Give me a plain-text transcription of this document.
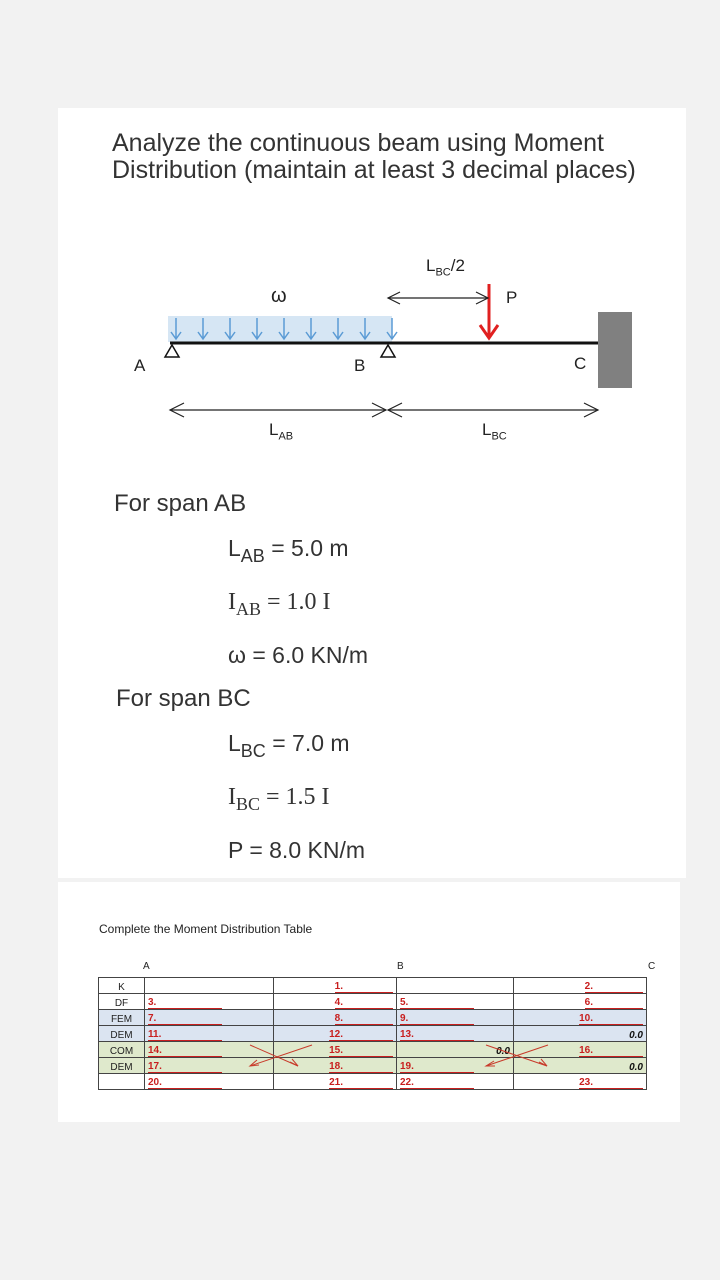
Analyze the continuous beam using Moment Distribution (maintain at least 3 decimal places)
ω	P
$L_{BC}/2$
A	B	C
$L_{AB}$	$L_{BC}$
For span AB
$L_{AB} = 5.0$ m
$I_{AB} = 1.0$ I
ω = 6.0 KN/m
For span BC
$L_{BC} = 7.0$ m
$I_{BC} = 1.5$ I
P = 8.0 KN/m
Complete the Moment Distribution Table
A	B	C
K		1.		2.
DF	3.	4.	5.	6.
FEM	7.	8.	9.	10.
DEM	11.	12.	13.	0.0
COM	14.	15.	0.0	16.
DEM	17.	18.	19.	0.0
	20.	21.	22.	23.
